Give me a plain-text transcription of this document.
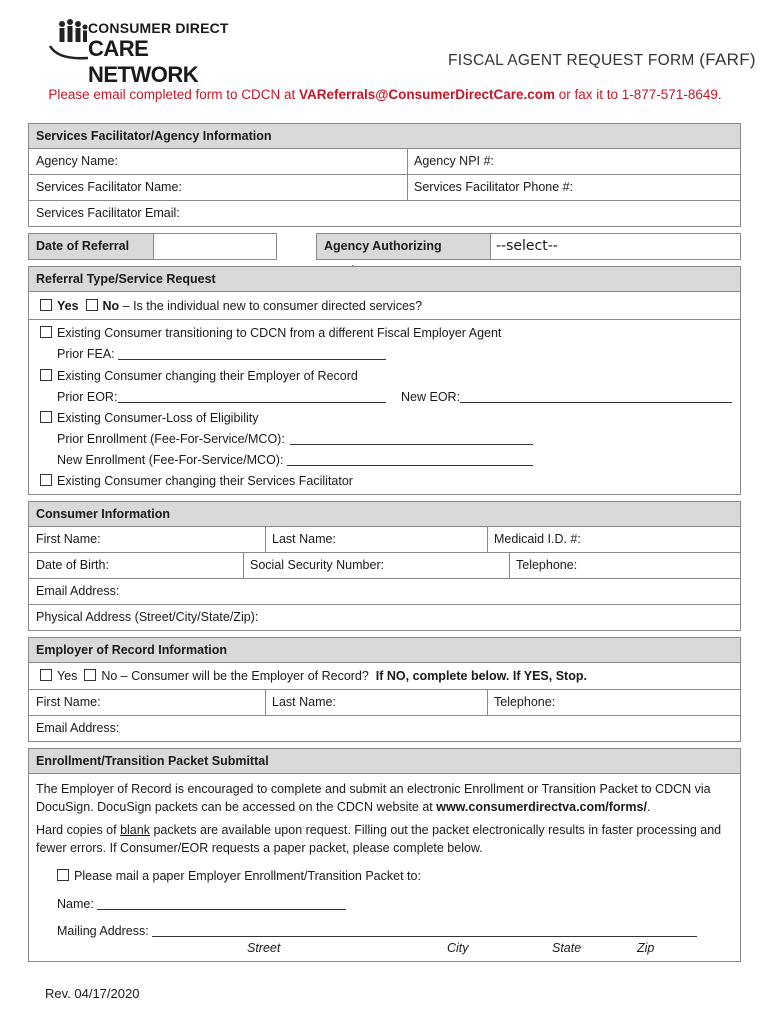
CONSUMER DIRECT
CARE NETWORK
FISCAL AGENT REQUEST FORM (FARF)
Please email completed form to CDCN at VAReferrals@ConsumerDirectCare.com or fax it to 1-877-571-8649.
Services Facilitator/Agency Information
Agency Name:	Agency NPI #:
Services Facilitator Name:	Services Facilitator Phone #:
Services Facilitator Email:
Date of Referral	Agency Authorizing	--select--
Referral Type/Service Request
Yes No – Is the individual new to consumer directed services?
Existing Consumer transitioning to CDCN from a different Fiscal Employer Agent
Prior FEA:
Existing Consumer changing their Employer of Record
Prior EOR:	New EOR:
Existing Consumer-Loss of Eligibility
Prior Enrollment (Fee-For-Service/MCO):
New Enrollment (Fee-For-Service/MCO):
Existing Consumer changing their Services Facilitator
Consumer Information
First Name:	Last Name:	Medicaid I.D. #:
Date of Birth:	Social Security Number:	Telephone:
Email Address:
Physical Address (Street/City/State/Zip):
Employer of Record Information
Yes No – Consumer will be the Employer of Record? If NO, complete below. If YES, Stop.
First Name:	Last Name:	Telephone:
Email Address:
Enrollment/Transition Packet Submittal
The Employer of Record is encouraged to complete and submit an electronic Enrollment or Transition Packet to CDCN via
DocuSign. DocuSign packets can be accessed on the CDCN website at www.consumerdirectva.com/forms/.
Hard copies of blank packets are available upon request. Filling out the packet electronically results in faster processing and
fewer errors. If Consumer/EOR requests a paper packet, please complete below.
Please mail a paper Employer Enrollment/Transition Packet to:
Name:
Mailing Address:
Street	City	State	Zip
Rev. 04/17/2020
